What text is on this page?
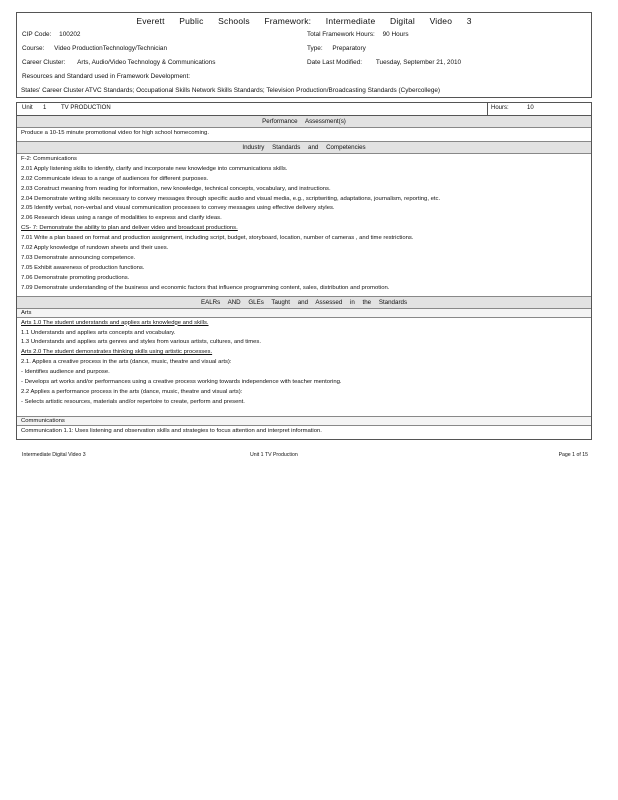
Everett Public Schools Framework: Intermediate Digital Video 3
CIP Code: 100202	Total Framework Hours: 90 Hours
Course: Video ProductionTechnology/Technician	Type: Preparatory
Career Cluster: Arts, Audio/Video Technology & Communications	Date Last Modified: Tuesday, September 21, 2010
Resources and Standard used in Framework Development:
States' Career Cluster ATVC Standards; Occupational Skills Network Skills Standards; Television Production/Broadcasting Standards (Cybercollege)
Unit 1 TV PRODUCTION	Hours:	10
Performance Assessment(s)
Produce a 10-15 minute promotional video for high school homecoming.
Industry Standards and Competencies
F-2: Communications
2.01 Apply listening skills to identify, clarify and incorporate new knowledge into communications skills.
2.02 Communicate ideas to a range of audiences for different purposes.
2.03 Construct meaning from reading for information, new knowledge, technical concepts, vocabulary, and instructions.
2.04 Demonstrate writing skills necessary to convey messages through specific audio and visual media, e.g., scriptwriting, adaptations, journalism, reporting, etc.
2.05 Identify verbal, non-verbal and visual communication processes to convey messages using effective delivery styles.
2.06 Research ideas using a range of modalities to express and clarify ideas.
CS- 7: Demonstrate the ability to plan and deliver video and broadcast productions.
7.01 Write a plan based on format and production assignment, including script, budget, storyboard, location, number of cameras , and time restrictions.
7.02 Apply knowledge of rundown sheets and their uses.
7.03 Demonstrate announcing competence.
7.05 Exhibit awareness of production functions.
7.06 Demonstrate promoting productions.
7.09 Demonstrate understanding of the business and economic factors that influence programming content, sales, distribution and promotion.
EALRs AND GLEs Taught and Assessed in the Standards
Arts
Arts 1.0 The student understands and applies arts knowledge and skills.
1.1 Understands and applies arts concepts and vocabulary.
1.3 Understands and applies arts genres and styles from various artists, cultures, and times.
Arts 2.0 The student demonstrates thinking skills using artistic processes.
2.1. Applies a creative process in the arts (dance, music, theatre and visual arts):
- Identifies audience and purpose.
- Develops art works and/or performances using a creative process working towards independence with teacher mentoring.
2.2 Applies a performance process in the arts (dance, music, theatre and visual arts):
- Selects artistic resources, materials and/or repertoire to create, perform and present.
Communications
Communication 1.1: Uses listening and observation skills and strategies to focus attention and interpret information.
Intermediate Digital Video 3	Unit 1 TV Production	Page 1 of 15
